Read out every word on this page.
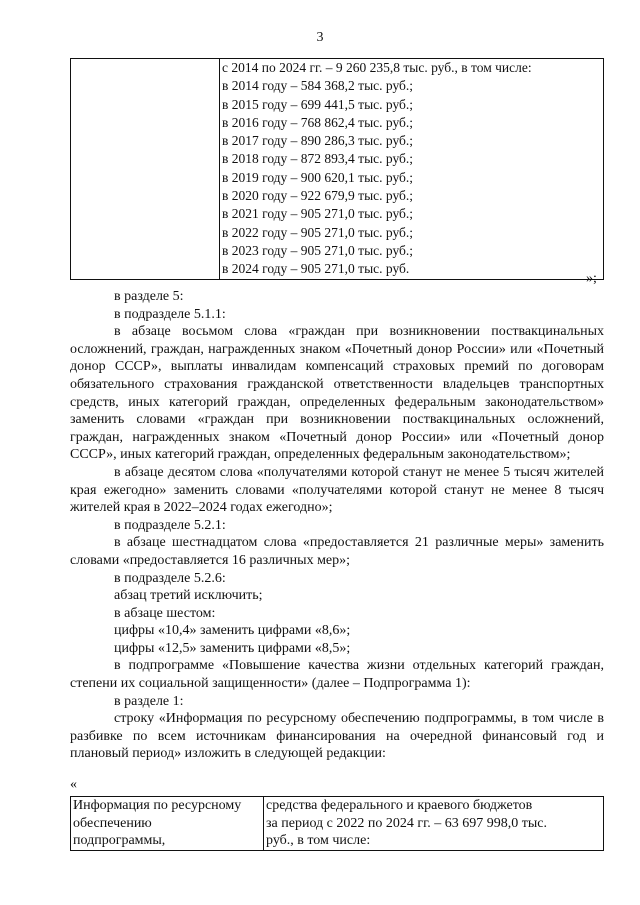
3

с 2014 по 2024 гг. – 9 260 235,8 тыс. руб., в том числе:
в 2014 году – 584 368,2 тыс. руб.;
в 2015 году – 699 441,5 тыс. руб.;
в 2016 году – 768 862,4 тыс. руб.;
в 2017 году – 890 286,3 тыс. руб.;
в 2018 году – 872 893,4 тыс. руб.;
в 2019 году – 900 620,1 тыс. руб.;
в 2020 году – 922 679,9 тыс. руб.;
в 2021 году – 905 271,0 тыс. руб.;
в 2022 году – 905 271,0 тыс. руб.;
в 2023 году – 905 271,0 тыс. руб.;
в 2024 году – 905 271,0 тыс. руб.
»;

в разделе 5:

в подразделе 5.1.1:

в абзаце восьмом слова «граждан при возникновении поствакцинальных осложнений, граждан, награжденных знаком «Почетный донор России» или «Почетный донор СССР», выплаты инвалидам компенсаций страховых премий по договорам обязательного страхования гражданской ответственности владельцев транспортных средств, иных категорий граждан, определенных федеральным законодательством» заменить словами «граждан при возникновении поствакцинальных осложнений, граждан, награжденных знаком «Почетный донор России» или «Почетный донор СССР», иных категорий граждан, определенных федеральным законодательством»;

в абзаце десятом слова «получателями которой станут не менее 5 тысяч жителей края ежегодно» заменить словами «получателями которой станут не менее 8 тысяч жителей края в 2022–2024 годах ежегодно»;

в подразделе 5.2.1:

в абзаце шестнадцатом слова «предоставляется 21 различные меры» заменить словами «предоставляется 16 различных мер»;

в подразделе 5.2.6:

абзац третий исключить;

в абзаце шестом:

цифры «10,4» заменить цифрами «8,6»;

цифры «12,5» заменить цифрами «8,5»;

в подпрограмме «Повышение качества жизни отдельных категорий граждан, степени их социальной защищенности» (далее – Подпрограмма 1):

в разделе 1:

строку «Информация по ресурсному обеспечению подпрограммы, в том числе в разбивке по всем источникам финансирования на очередной финансовый год и плановый период» изложить в следующей редакции:

«
Информация по ресурсному
обеспечению
подпрограммы,

средства федерального и краевого бюджетов
за период с 2022 по 2024 гг. – 63 697 998,0 тыс.
руб., в том числе:
